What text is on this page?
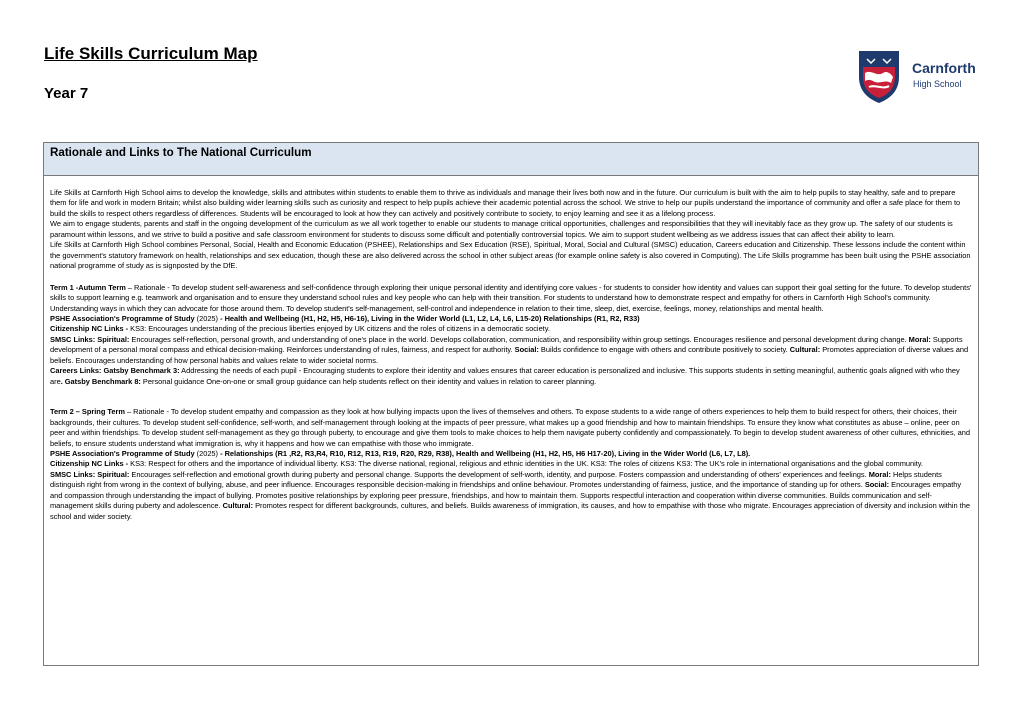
Life Skills Curriculum Map
Year 7
Carnforth
High School
Rationale and Links to The National Curriculum

Life Skills at Carnforth High School aims to develop the knowledge, skills and attributes within students to enable them to thrive as individuals and manage their lives both now and in the future. Our curriculum is built with the aim to help pupils to stay healthy, safe and to prepare them for life and work in modern Britain; whilst also building wider learning skills such as curiosity and respect to help pupils achieve their academic potential across the school. We strive to help our pupils understand the importance of community and offer a safe place for them to build the skills to respect others regardless of differences. Students will be encouraged to look at how they can actively and positively contribute to society, to enjoy learning and see it as a lifelong process.

We aim to engage students, parents and staff in the ongoing development of the curriculum as we all work together to enable our students to manage critical opportunities, challenges and responsibilities that they will inevitably face as they grow up. The safety of our students is paramount within lessons, and we strive to build a positive and safe classroom environment for students to discuss some difficult and potentially controversial topics. We aim to support student wellbeing as we address issues that can affect their ability to learn.

Life Skills at Carnforth High School combines Personal, Social, Health and Economic Education (PSHEE), Relationships and Sex Education (RSE), Spiritual, Moral, Social and Cultural (SMSC) education, Careers education and Citizenship. These lessons include the content within the government's statutory framework on health, relationships and sex education, though these are also delivered across the school in other subject areas (for example online safety is also covered in Computing). The Life Skills programme has been built using the PSHE association national programme of study as is signposted by the DfE.

Term 1 -Autumn Term – Rationale - To develop student self-awareness and self-confidence through exploring their unique personal identity and identifying core values - for students to consider how identity and values can support their goal setting for the future. To develop students' skills to support learning e.g. teamwork and organisation and to ensure they understand school rules and key people who can help with their transition. For students to understand how to demonstrate respect and empathy for others in Carnforth High School's community. Understanding ways in which they can advocate for those around them. To develop student's self-management, self-control and independence in relation to their time, sleep, diet, exercise, feelings, money, relationships and mental health.

PSHE Association's Programme of Study (2025) - Health and Wellbeing (H1, H2, H5, H6-16), Living in the Wider World (L1, L2, L4, L6, L15-20) Relationships (R1, R2, R33)

Citizenship NC Links - KS3: Encourages understanding of the precious liberties enjoyed by UK citizens and the roles of citizens in a democratic society.

SMSC Links: Spiritual: Encourages self-reflection, personal growth, and understanding of one's place in the world. Develops collaboration, communication, and responsibility within group settings. Encourages resilience and personal development during change. Moral: Supports development of a personal moral compass and ethical decision-making. Reinforces understanding of rules, fairness, and respect for authority. Social: Builds confidence to engage with others and contribute positively to society. Cultural: Promotes appreciation of diverse values and beliefs. Encourages understanding of how personal habits and values relate to wider societal norms.

Careers Links: Gatsby Benchmark 3: Addressing the needs of each pupil - Encouraging students to explore their identity and values ensures that career education is personalized and inclusive. This supports students in setting meaningful, authentic goals aligned with who they are. Gatsby Benchmark 8: Personal guidance One-on-one or small group guidance can help students reflect on their identity and values in relation to career planning.

Term 2 – Spring Term – Rationale - To develop student empathy and compassion as they look at how bullying impacts upon the lives of themselves and others. To expose students to a wide range of others experiences to help them to build respect for others, their choices, their backgrounds, their cultures. To develop student self-confidence, self-worth, and self-management through looking at the impacts of peer pressure, what makes up a good friendship and how to maintain friendships. To ensure they know what constitutes as abuse – online, peer on peer and within friendships. To develop student self-management as they go through puberty, to encourage and give them tools to make choices to help them navigate puberty confidently and compassionately. To begin to develop student awareness of other cultures, ethnicities, and beliefs, to ensure students understand what immigration is, why it happens and how we can empathise with those who immigrate.

PSHE Association's Programme of Study (2025) - Relationships (R1 ,R2, R3,R4, R10, R12, R13, R19, R20, R29, R38), Health and Wellbeing (H1, H2, H5, H6 H17-20), Living in the Wider World (L6, L7, L8).

Citizenship NC Links - KS3: Respect for others and the importance of individual liberty. KS3: The diverse national, regional, religious and ethnic identities in the UK. KS3: The roles of citizens KS3: The UK's role in international organisations and the global community.

SMSC Links: Spiritual: Encourages self-reflection and emotional growth during puberty and personal change. Supports the development of self-worth, identity, and purpose. Fosters compassion and understanding of others' experiences and feelings. Moral: Helps students distinguish right from wrong in the context of bullying, abuse, and peer influence. Encourages responsible decision-making in friendships and online behaviour. Promotes understanding of fairness, justice, and the importance of standing up for others. Social: Encourages empathy and compassion through understanding the impact of bullying. Promotes positive relationships by exploring peer pressure, friendships, and how to maintain them. Supports respectful interaction and cooperation within diverse communities. Builds communication and self-management skills during puberty and adolescence. Cultural: Promotes respect for different backgrounds, cultures, and beliefs. Builds awareness of immigration, its causes, and how to empathise with those who migrate. Encourages appreciation of diversity and inclusion within the school and wider society.
